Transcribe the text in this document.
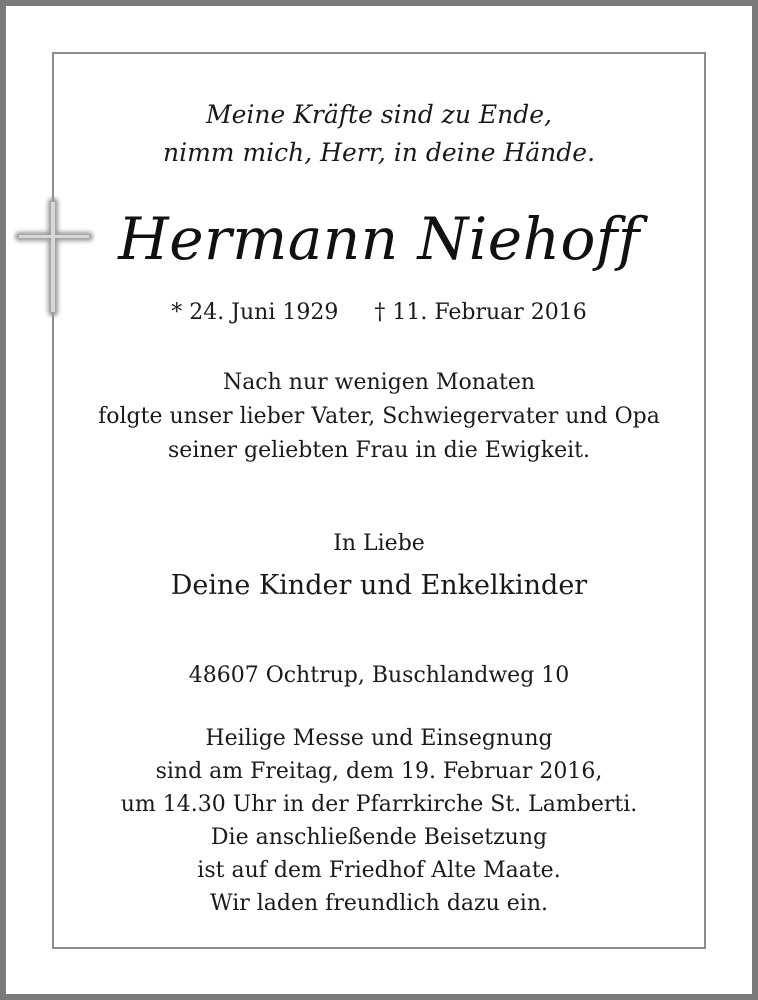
Meine Kräfte sind zu Ende,
nimm mich, Herr, in deine Hände.
Hermann Niehoff
* 24. Juni 1929 † 11. Februar 2016
Nach nur wenigen Monaten
folgte unser lieber Vater, Schwiegervater und Opa
seiner geliebten Frau in die Ewigkeit.
In Liebe
Deine Kinder und Enkelkinder
48607 Ochtrup, Buschlandweg 10
Heilige Messe und Einsegnung
sind am Freitag, dem 19. Februar 2016,
um 14.30 Uhr in der Pfarrkirche St. Lamberti.
Die anschließende Beisetzung
ist auf dem Friedhof Alte Maate.
Wir laden freundlich dazu ein.
